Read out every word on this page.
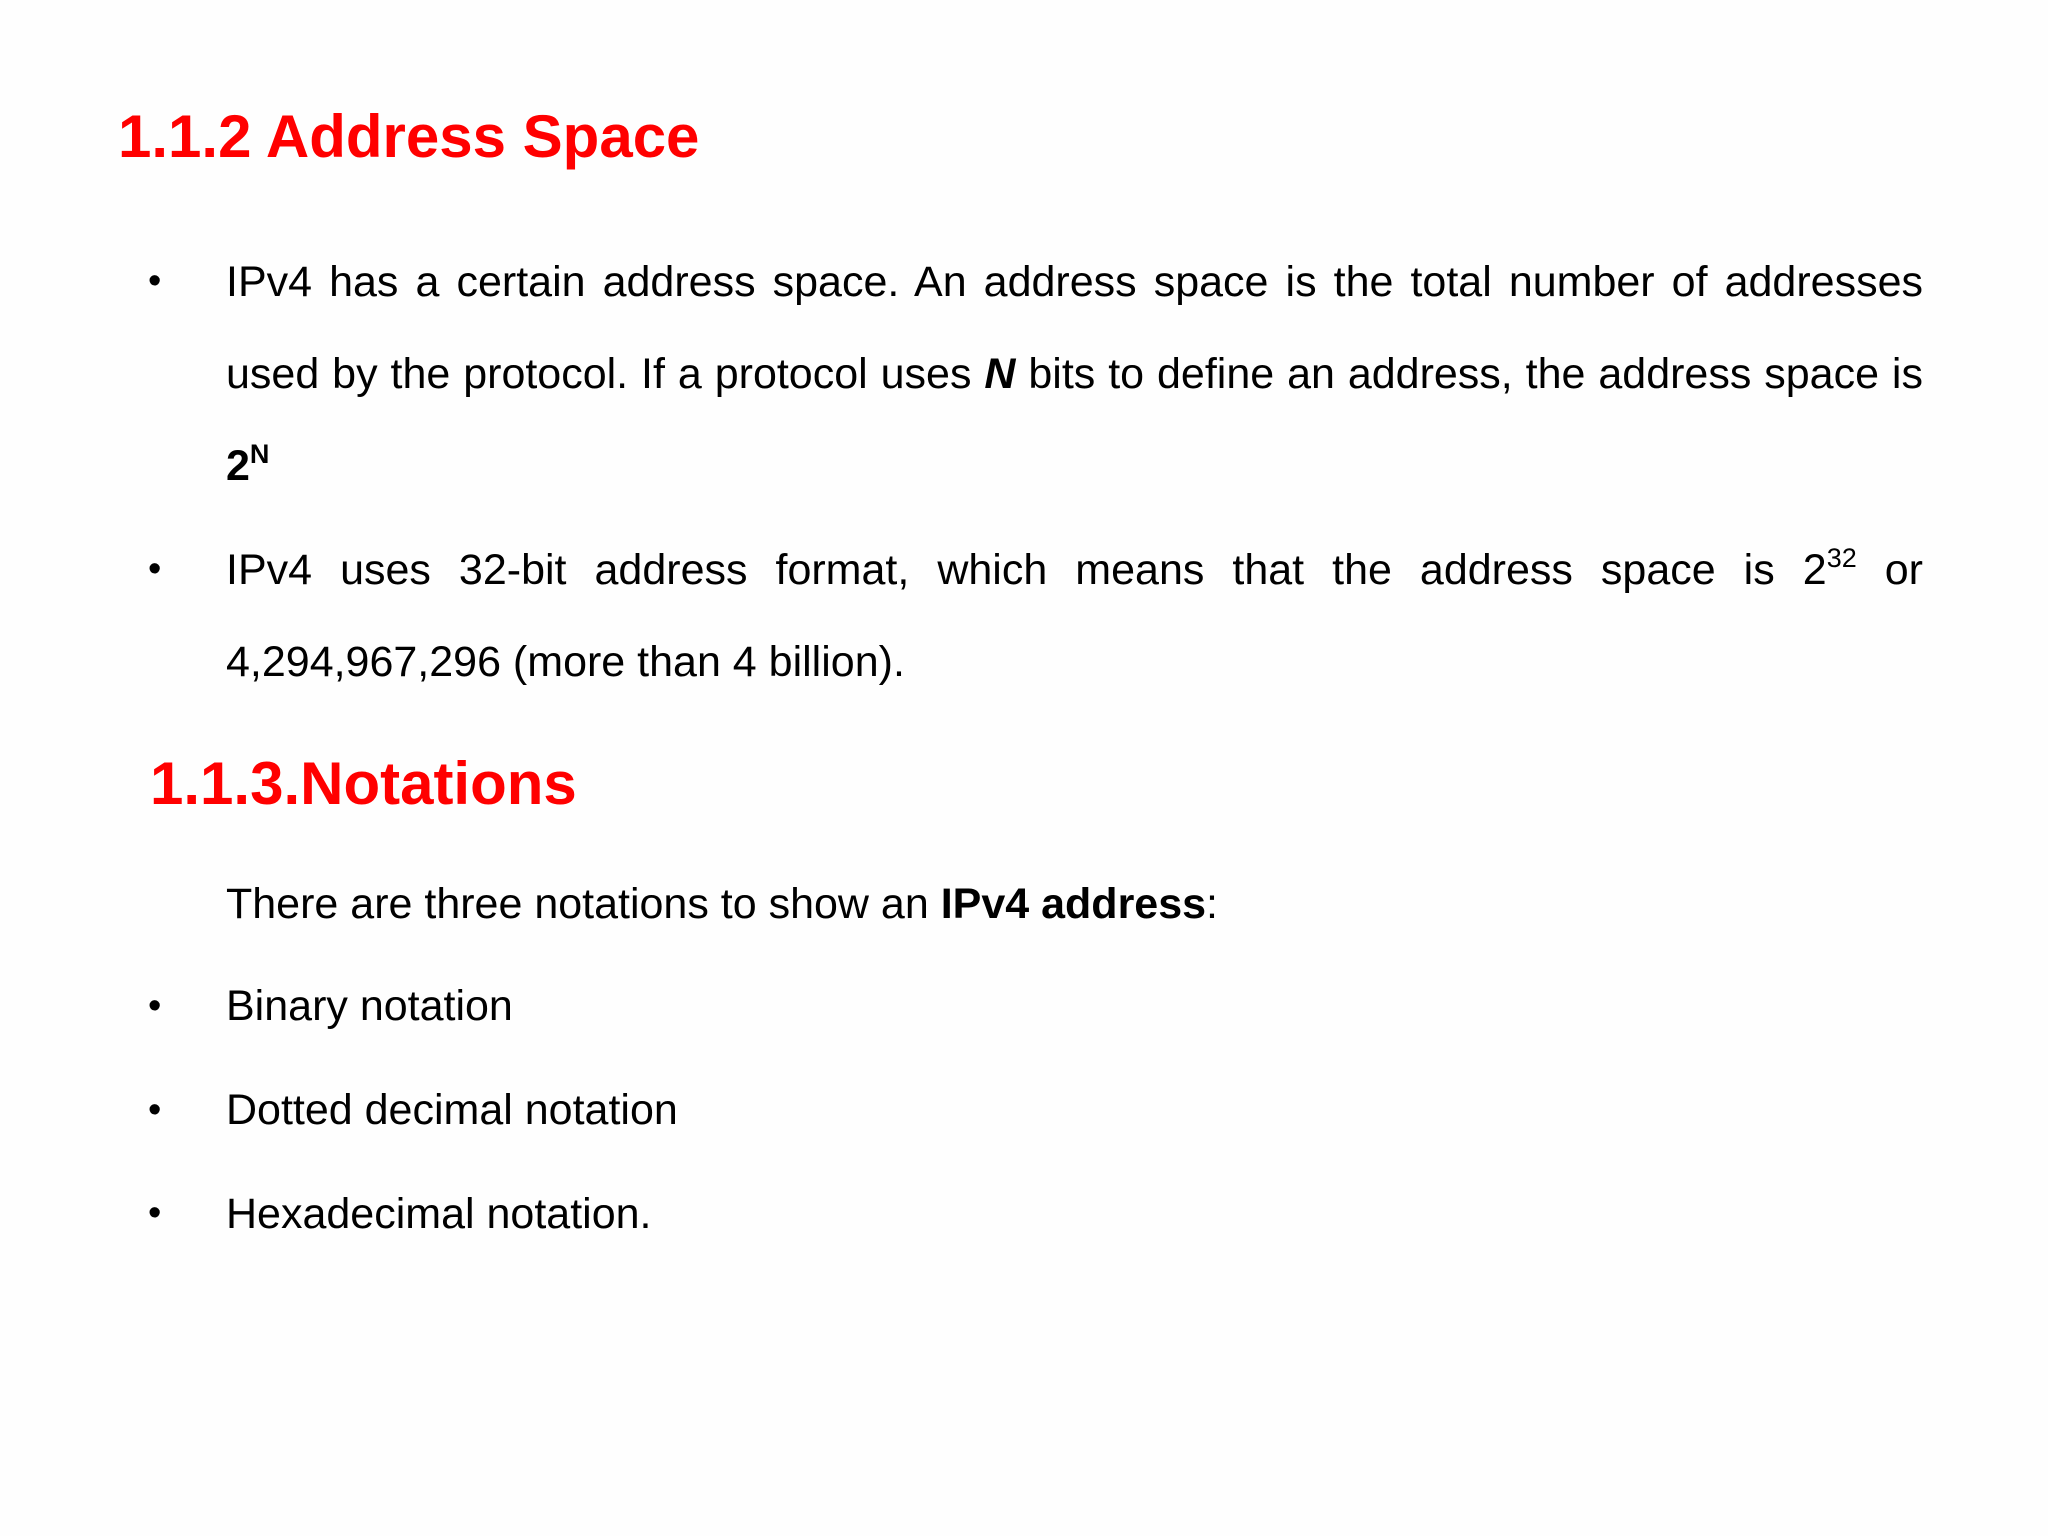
1.1.2 Address Space
• IPv4 has a certain address space. An address space is the total number of addresses used by the protocol. If a protocol uses N bits to define an address, the address space is $2^N$

• IPv4 uses 32-bit address format, which means that the address space is $2^{32}$ or 4,294,967,296 (more than 4 billion).

1.1.3.Notations

There are three notations to show an IPv4 address:

• Binary notation

• Dotted decimal notation

• Hexadecimal notation.
